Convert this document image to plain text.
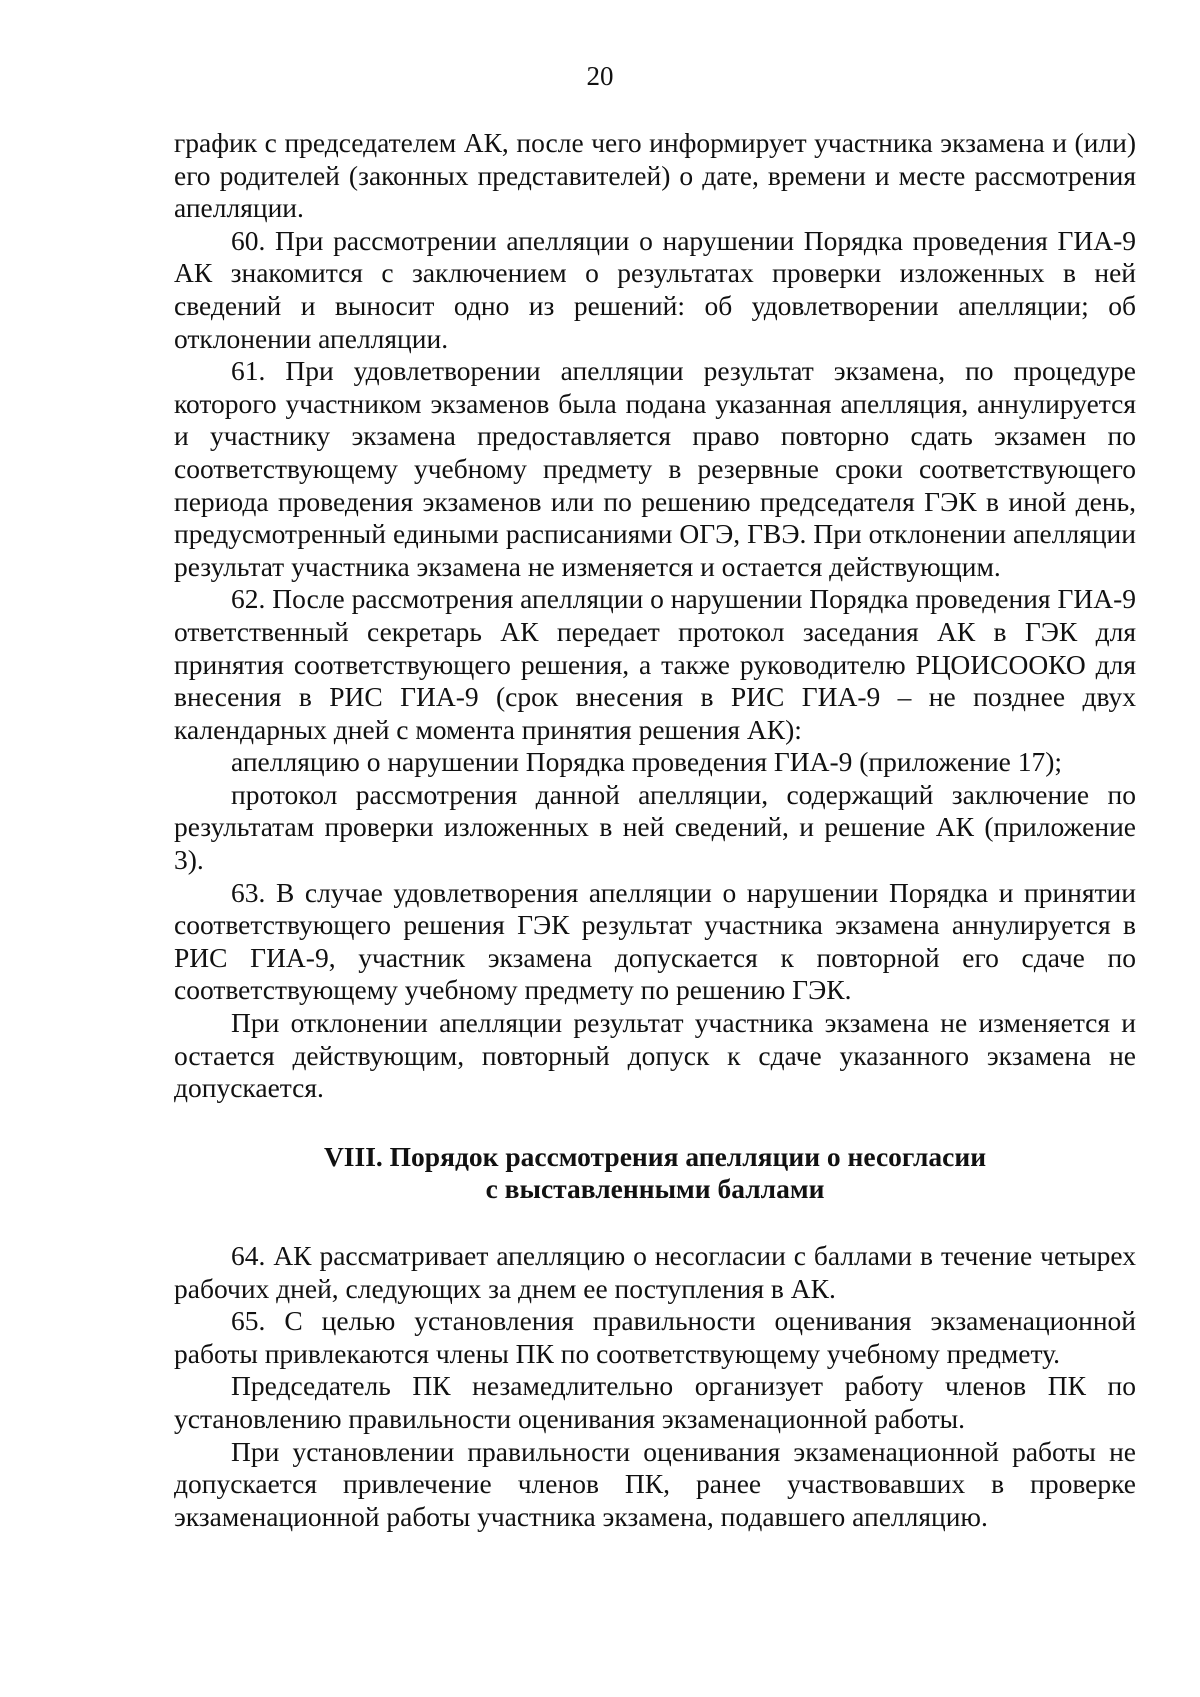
20

график с председателем АК, после чего информирует участника экзамена и (или) его родителей (законных представителей) о дате, времени и месте рассмотрения апелляции.

60. При рассмотрении апелляции о нарушении Порядка проведения ГИА-9 АК знакомится с заключением о результатах проверки изложенных в ней сведений и выносит одно из решений: об удовлетворении апелляции; об отклонении апелляции.

61. При удовлетворении апелляции результат экзамена, по процедуре которого участником экзаменов была подана указанная апелляция, аннулируется и участнику экзамена предоставляется право повторно сдать экзамен по соответствующему учебному предмету в резервные сроки соответствующего периода проведения экзаменов или по решению председателя ГЭК в иной день, предусмотренный едиными расписаниями ОГЭ, ГВЭ. При отклонении апелляции результат участника экзамена не изменяется и остается действующим.

62. После рассмотрения апелляции о нарушении Порядка проведения ГИА-9 ответственный секретарь АК передает протокол заседания АК в ГЭК для принятия соответствующего решения, а также руководителю РЦОИСООКО для внесения в РИС ГИА-9 (срок внесения в РИС ГИА-9 – не позднее двух календарных дней с момента принятия решения АК):

апелляцию о нарушении Порядка проведения ГИА-9 (приложение 17);

протокол рассмотрения данной апелляции, содержащий заключение по результатам проверки изложенных в ней сведений, и решение АК (приложение 3).

63. В случае удовлетворения апелляции о нарушении Порядка и принятии соответствующего решения ГЭК результат участника экзамена аннулируется в РИС ГИА-9, участник экзамена допускается к повторной его сдаче по соответствующему учебному предмету по решению ГЭК.

При отклонении апелляции результат участника экзамена не изменяется и остается действующим, повторный допуск к сдаче указанного экзамена не допускается.

VIII. Порядок рассмотрения апелляции о несогласии
с выставленными баллами

64. АК рассматривает апелляцию о несогласии с баллами в течение четырех рабочих дней, следующих за днем ее поступления в АК.

65. С целью установления правильности оценивания экзаменационной работы привлекаются члены ПК по соответствующему учебному предмету.

Председатель ПК незамедлительно организует работу членов ПК по установлению правильности оценивания экзаменационной работы.

При установлении правильности оценивания экзаменационной работы не допускается привлечение членов ПК, ранее участвовавших в проверке экзаменационной работы участника экзамена, подавшего апелляцию.
